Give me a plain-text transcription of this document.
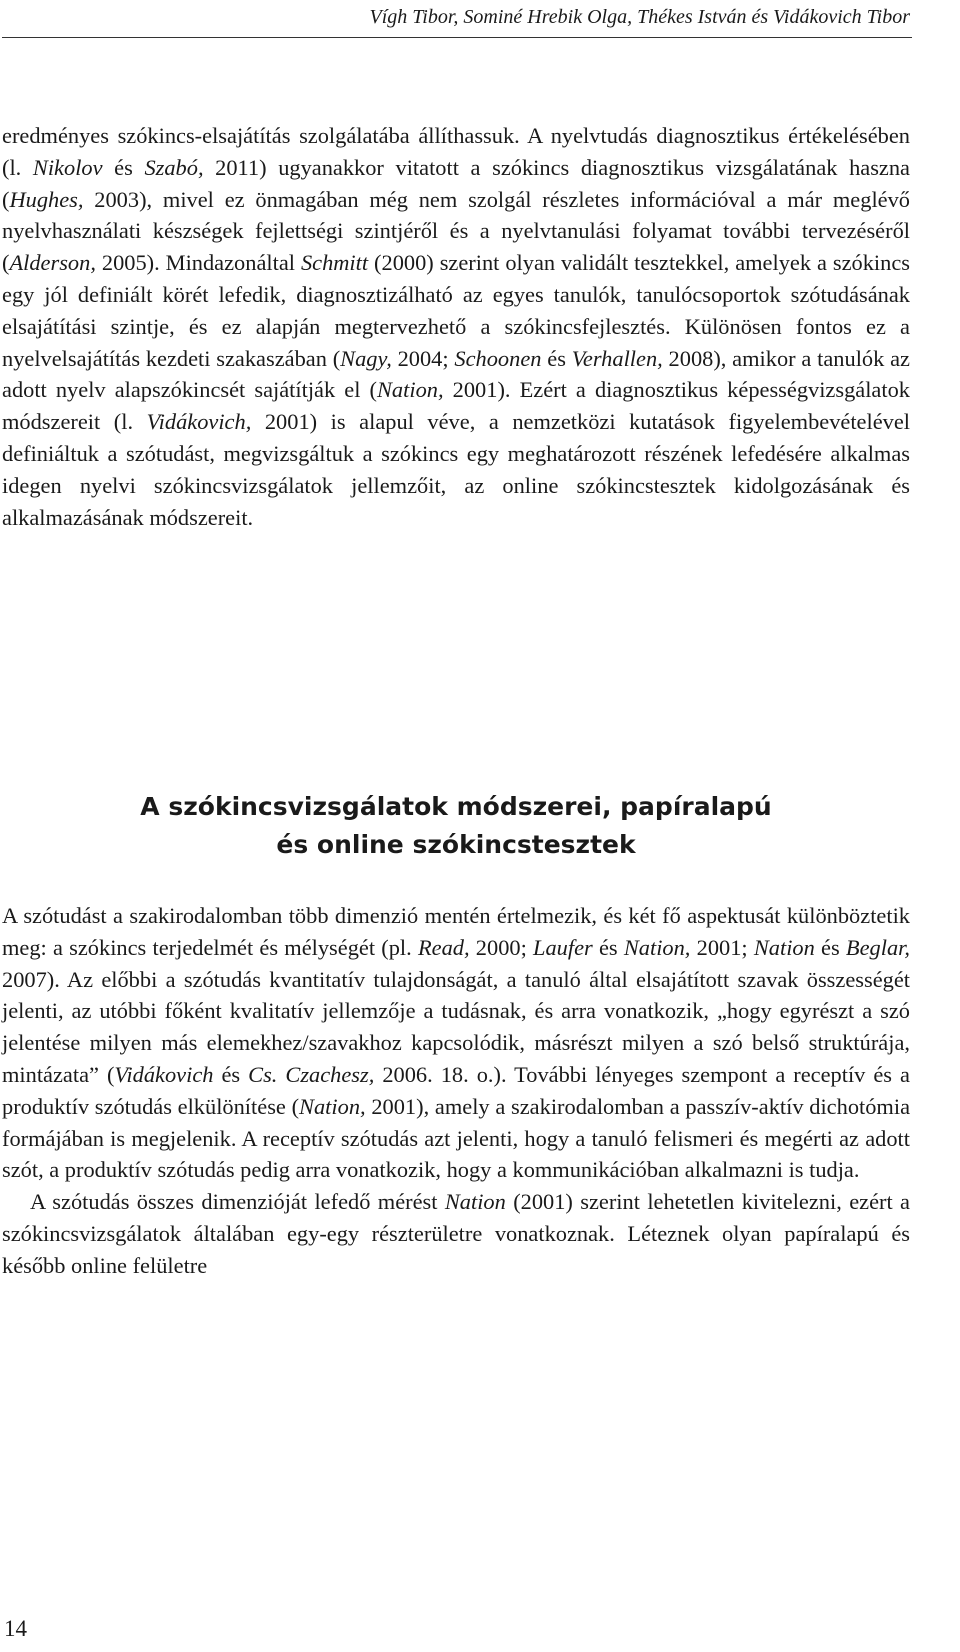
Vígh Tibor, Sominé Hrebik Olga, Thékes István és Vidákovich Tibor

eredményes szókincs-elsajátítás szolgálatába állíthassuk. A nyelvtudás diagnosztikus értékelésében (l. Nikolov és Szabó, 2011) ugyanakkor vitatott a szókincs diagnosztikus vizsgálatának haszna (Hughes, 2003), mivel ez önmagában még nem szolgál részletes információval a már meglévő nyelvhasználati készségek fejlettségi szintjéről és a nyelvtanulási folyamat további tervezéséről (Alderson, 2005). Mindazonáltal Schmitt (2000) szerint olyan validált tesztekkel, amelyek a szókincs egy jól definiált körét lefedik, diagnosztizálható az egyes tanulók, tanulócsoportok szótudásának elsajátítási szintje, és ez alapján megtervezhető a szókincsfejlesztés. Különösen fontos ez a nyelvelsajátítás kezdeti szakaszában (Nagy, 2004; Schoonen és Verhallen, 2008), amikor a tanulók az adott nyelv alapszókincsét sajátítják el (Nation, 2001). Ezért a diagnosztikus képességvizsgálatok módszereit (l. Vidákovich, 2001) is alapul véve, a nemzetközi kutatások figyelembevételével definiáltuk a szótudást, megvizsgáltuk a szókincs egy meghatározott részének lefedésére alkalmas idegen nyelvi szókincsvizsgálatok jellemzőit, az online szókincstesztek kidolgozásának és alkalmazásának módszereit.

A szókincsvizsgálatok módszerei, papíralapú
és online szókincstesztek

A szótudást a szakirodalomban több dimenzió mentén értelmezik, és két fő aspektusát különböztetik meg: a szókincs terjedelmét és mélységét (pl. Read, 2000; Laufer és Nation, 2001; Nation és Beglar, 2007). Az előbbi a szótudás kvantitatív tulajdonságát, a tanuló által elsajátított szavak összességét jelenti, az utóbbi főként kvalitatív jellemzője a tudásnak, és arra vonatkozik, „hogy egyrészt a szó jelentése milyen más elemekhez/szavakhoz kapcsolódik, másrészt milyen a szó belső struktúrája, mintázata” (Vidákovich és Cs. Czachesz, 2006. 18. o.). További lényeges szempont a receptív és a produktív szótudás elkülönítése (Nation, 2001), amely a szakirodalomban a passzív-aktív dichotómia formájában is megjelenik. A receptív szótudás azt jelenti, hogy a tanuló felismeri és megérti az adott szót, a produktív szótudás pedig arra vonatkozik, hogy a kommunikációban alkalmazni is tudja.

A szótudás összes dimenzióját lefedő mérést Nation (2001) szerint lehetetlen kivitelezni, ezért a szókincsvizsgálatok általában egy-egy részterületre vonatkoznak. Léteznek olyan papíralapú és később online felületre

14
